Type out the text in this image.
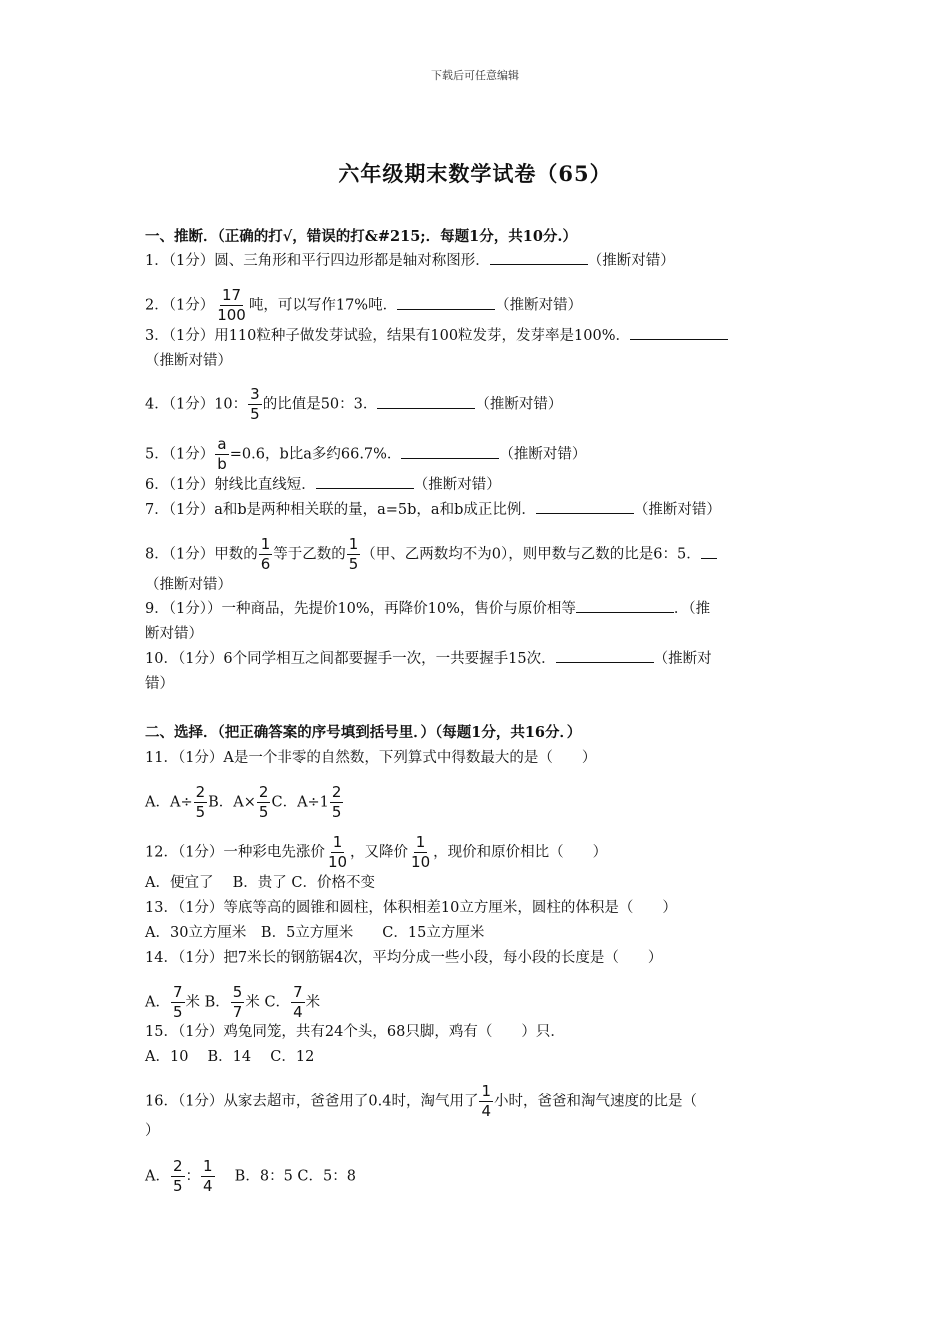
下载后可任意编辑
六年级期末数学试卷（65）
一、推断．（正确的打√，错误的打&#215;．每题1分，共10分.）
1．（1分）圆、三角形和平行四边形都是轴对称图形．	（推断对错）
2．（1分） $\frac{17}{100}$ 吨，可以写作17%吨．	（推断对错）
3．（1分）用110粒种子做发芽试验，结果有100粒发芽，发芽率是100%．
（推断对错）
4．（1分）10： $\frac{3}{5}$ 的比值是50：3．	（推断对错）
5．（1分） $\frac{a}{b} =0.6$，b比a多约66.7%．	（推断对错）
6．（1分）射线比直线短．	（推断对错）
7．（1分）a和b是两种相关联的量，a=5b，a和b成正比例．	（推断对错）
8．（1分）甲数的 $\frac{1}{6}$ 等于乙数的 $\frac{1}{5}$ （甲、乙两数均不为0），则甲数与乙数的比是6：5．
（推断对错）
9．（1分））一种商品，先提价10%，再降价10%，售价与原价相等	．（推
断对错）
10．（1分）6个同学相互之间都要握手一次，一共要握手15次．	（推断对
错）
二、选择．（把正确答案的序号填到括号里．）（每题1分，共16分．）
11．（1分）A是一个非零的自然数，下列算式中得数最大的是（　　）
A．$A\div \frac{2}{5}$ B．$A\times \frac{2}{5}$ C．$A\div 1 \frac{2}{5}$
12．（1分）一种彩电先涨价 $\frac{1}{10}$ ，又降价 $\frac{1}{10}$ ，现价和原价相比（　　）
A．便宜了　 B．贵了 C．价格不变
13．（1分）等底等高的圆锥和圆柱，体积相差10立方厘米，圆柱的体积是（　　）
A．30立方厘米　B．5立方厘米　　C．15立方厘米
14．（1分）把7米长的钢筋锯4次，平均分成一些小段，每小段的长度是（　　）
A． $\frac{7}{5}$ 米 B． $\frac{5}{7}$ 米 C． $\frac{7}{4}$ 米
15．（1分）鸡兔同笼，共有24个头，68只脚，鸡有（　　）只．
A．10　 B．14　 C．12
16．（1分）从家去超市，爸爸用了0.4时，淘气用了 $\frac{1}{4}$ 小时，爸爸和淘气速度的比是（
）
A． $\frac{2}{5}$ ： $\frac{1}{4}$ 　 B．8：5 C．5：8
